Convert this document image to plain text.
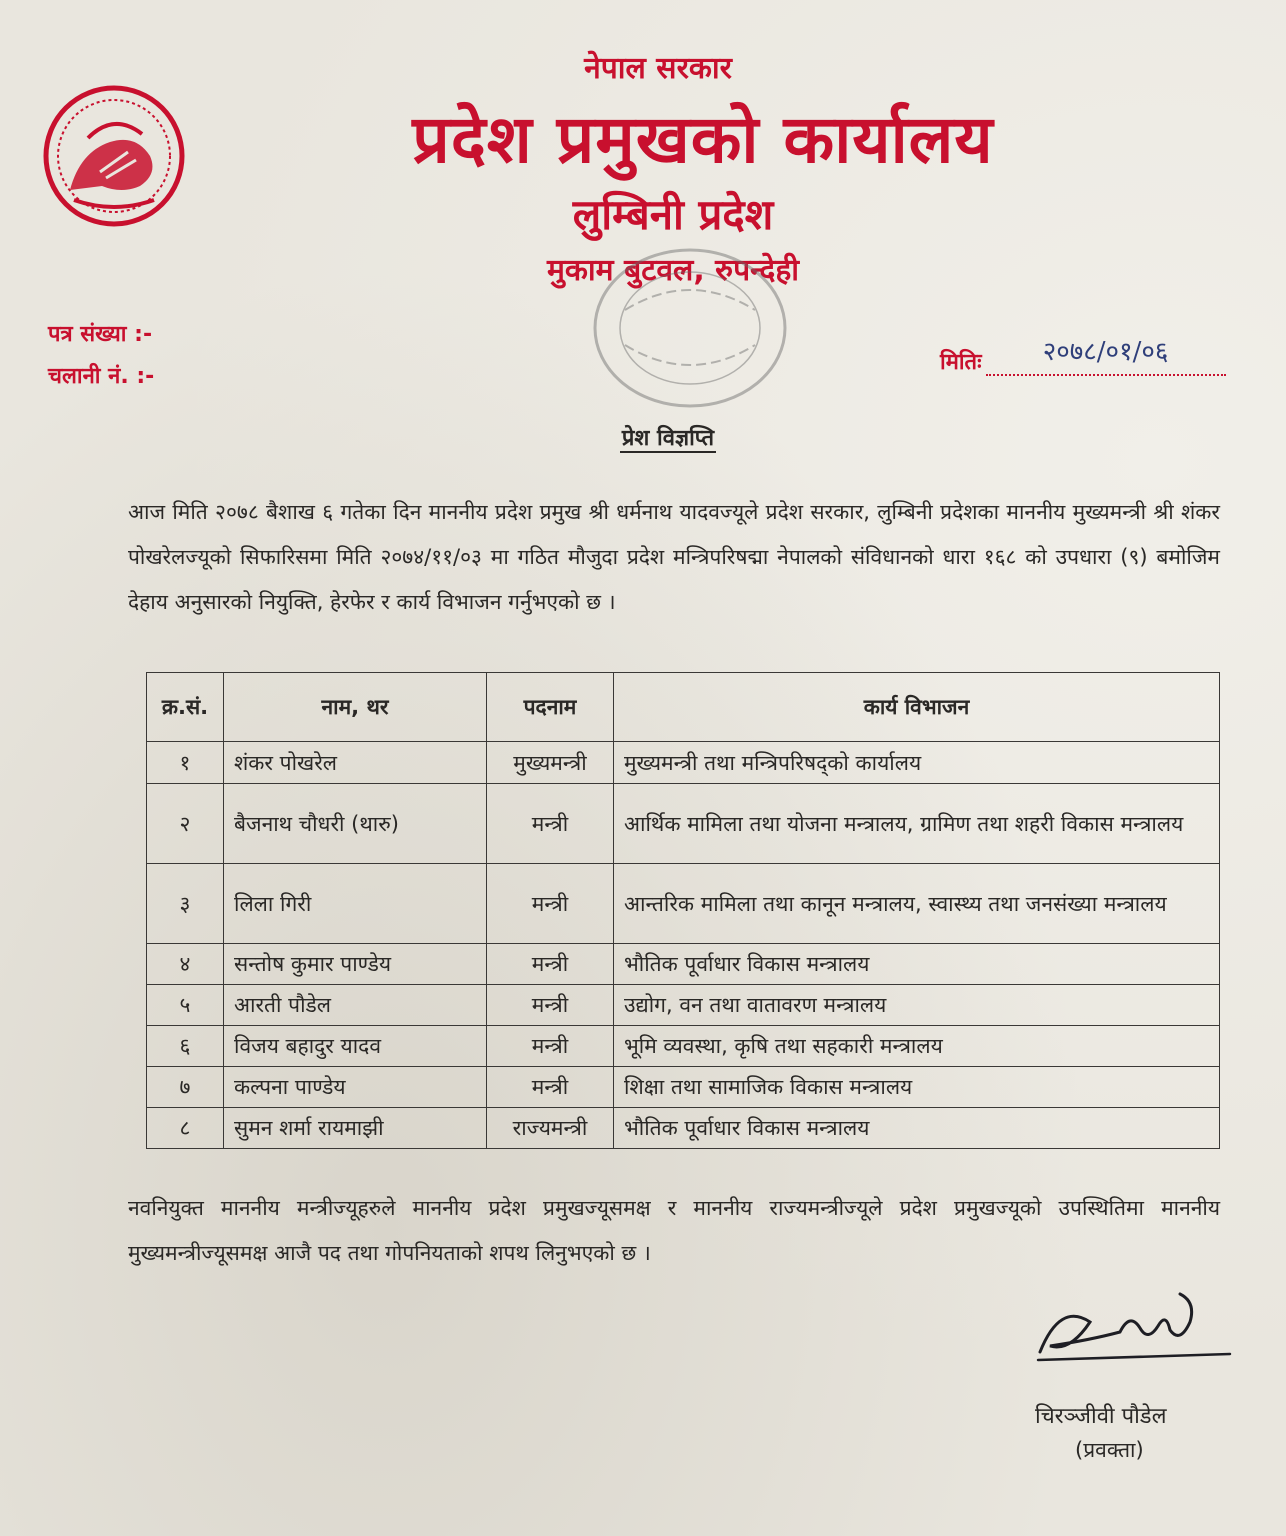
नेपाल सरकार
प्रदेश प्रमुखको कार्यालय
लुम्बिनी प्रदेश
मुकाम बुटवल, रुपन्देही
पत्र संख्या :-
चलानी नं. :-
मितिः	२०७८/०१/०६
प्रेश विज्ञप्ति
आज मिति २०७८ बैशाख ६ गतेका दिन माननीय प्रदेश प्रमुख श्री धर्मनाथ यादवज्यूले प्रदेश सरकार, लुम्बिनी प्रदेशका माननीय मुख्यमन्त्री श्री शंकर पोखरेलज्यूको सिफारिसमा मिति २०७४/११/०३ मा गठित मौजुदा प्रदेश मन्त्रिपरिषद्मा नेपालको संविधानको धारा १६८ को उपधारा (९) बमोजिम देहाय अनुसारको नियुक्ति, हेरफेर र कार्य विभाजन गर्नुभएको छ ।
क्र.सं.	नाम, थर	पदनाम	कार्य विभाजन
१	शंकर पोखरेल	मुख्यमन्त्री	मुख्यमन्त्री तथा मन्त्रिपरिषद्को कार्यालय
२	बैजनाथ चौधरी (थारु)	मन्त्री	आर्थिक मामिला तथा योजना मन्त्रालय, ग्रामिण तथा शहरी विकास मन्त्रालय
३	लिला गिरी	मन्त्री	आन्तरिक मामिला तथा कानून मन्त्रालय, स्वास्थ्य तथा जनसंख्या मन्त्रालय
४	सन्तोष कुमार पाण्डेय	मन्त्री	भौतिक पूर्वाधार विकास मन्त्रालय
५	आरती पौडेल	मन्त्री	उद्योग, वन तथा वातावरण मन्त्रालय
६	विजय बहादुर यादव	मन्त्री	भूमि व्यवस्था, कृषि तथा सहकारी मन्त्रालय
७	कल्पना पाण्डेय	मन्त्री	शिक्षा तथा सामाजिक विकास मन्त्रालय
८	सुमन शर्मा रायमाझी	राज्यमन्त्री	भौतिक पूर्वाधार विकास मन्त्रालय
नवनियुक्त माननीय मन्त्रीज्यूहरुले माननीय प्रदेश प्रमुखज्यूसमक्ष र माननीय राज्यमन्त्रीज्यूले प्रदेश प्रमुखज्यूको उपस्थितिमा माननीय मुख्यमन्त्रीज्यूसमक्ष आजै पद तथा गोपनियताको शपथ लिनुभएको छ ।
चिरञ्जीवी पौडेल
(प्रवक्ता)
